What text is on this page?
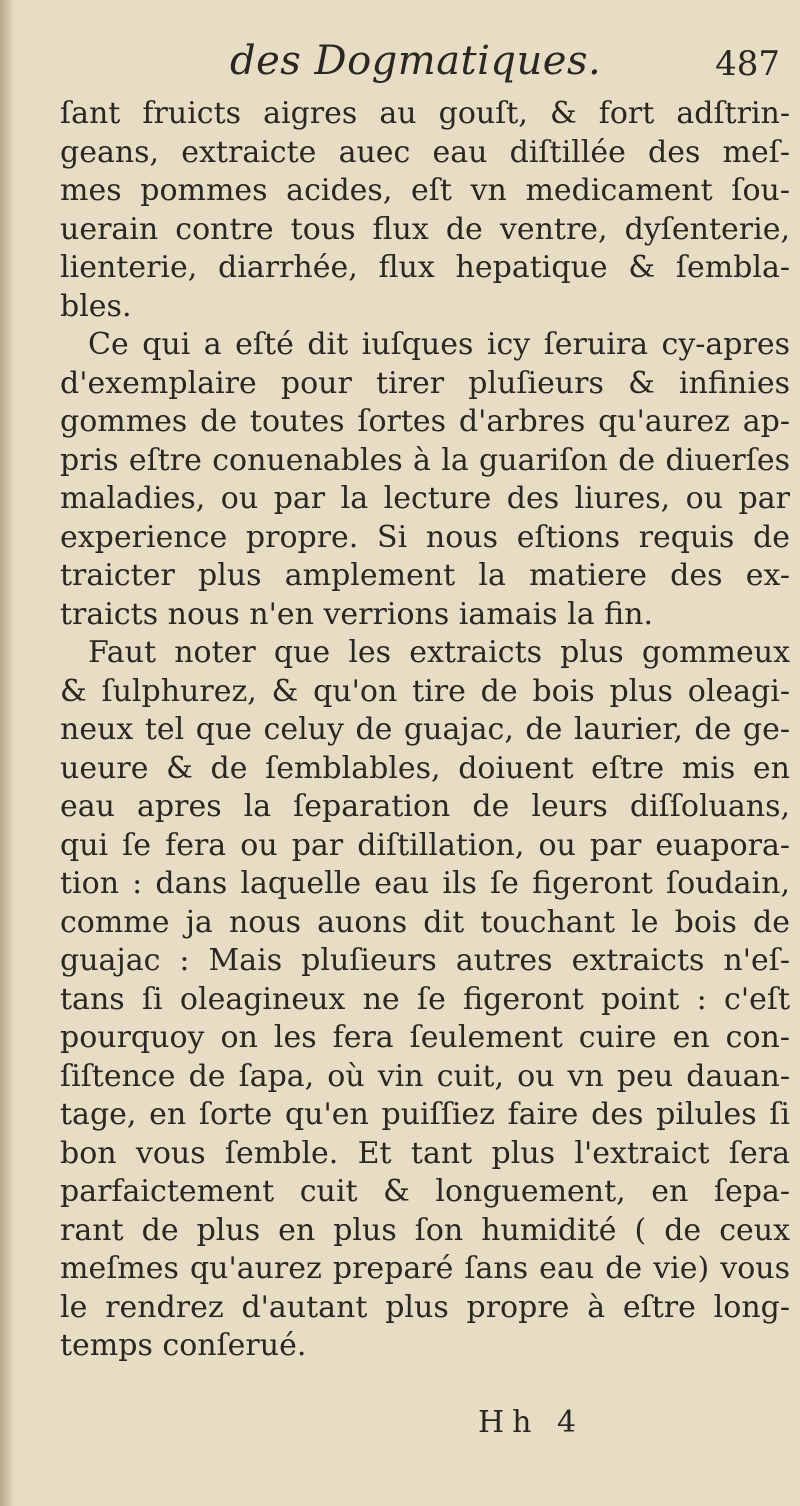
des Dogmatiques.	487
ſant fruicts aigres au gouſt, & fort adſtrin-
geans, extraicte auec eau diſtillée des meſ-
mes pommes acides, eſt vn medicament ſou-
uerain contre tous flux de ventre, dyſenterie,
lienterie, diarrhée, flux hepatique & ſembla-
bles.
Ce qui a eſté dit iuſques icy ſeruira cy-apres
d'exemplaire pour tirer pluſieurs & infinies
gommes de toutes ſortes d'arbres qu'aurez ap-
pris eſtre conuenables à la guariſon de diuerſes
maladies, ou par la lecture des liures, ou par
experience propre. Si nous eſtions requis de
traicter plus amplement la matiere des ex-
traicts nous n'en verrions iamais la fin.
Faut noter que les extraicts plus gommeux
& ſulphurez, & qu'on tire de bois plus oleagi-
neux tel que celuy de guajac, de laurier, de ge-
ueure & de ſemblables, doiuent eſtre mis en
eau apres la ſeparation de leurs diſſoluans,
qui ſe fera ou par diſtillation, ou par euapora-
tion : dans laquelle eau ils ſe figeront ſoudain,
comme ja nous auons dit touchant le bois de
guajac : Mais pluſieurs autres extraicts n'eſ-
tans ſi oleagineux ne ſe figeront point : c'eſt
pourquoy on les fera ſeulement cuire en con-
ſiſtence de ſapa, où vin cuit, ou vn peu dauan-
tage, en ſorte qu'en puiſſiez faire des pilules ſi
bon vous ſemble. Et tant plus l'extraict ſera
parfaictement cuit & longuement, en ſepa-
rant de plus en plus ſon humidité ( de ceux
meſmes qu'aurez preparé ſans eau de vie) vous
le rendrez d'autant plus propre à eſtre long-
temps conſerué.
Hh 4
